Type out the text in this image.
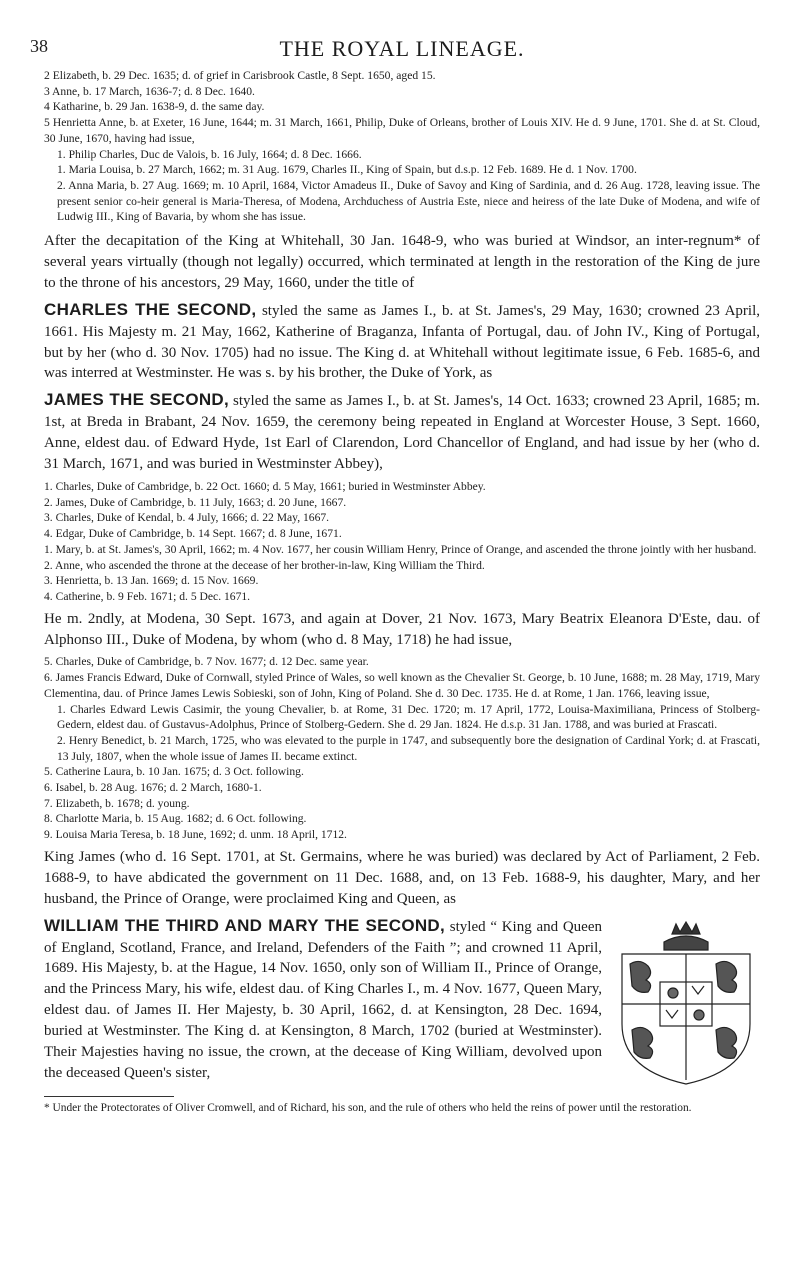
38	THE ROYAL LINEAGE.

2 Elizabeth, b. 29 Dec. 1635; d. of grief in Carisbrook Castle, 8 Sept. 1650, aged 15.

3 Anne, b. 17 March, 1636-7; d. 8 Dec. 1640.

4 Katharine, b. 29 Jan. 1638-9, d. the same day.

5 Henrietta Anne, b. at Exeter, 16 June, 1644; m. 31 March, 1661, Philip, Duke of Orleans, brother of Louis XIV. He d. 9 June, 1701. She d. at St. Cloud, 30 June, 1670, having had issue,

1. Philip Charles, Duc de Valois, b. 16 July, 1664; d. 8 Dec. 1666.

1. Maria Louisa, b. 27 March, 1662; m. 31 Aug. 1679, Charles II., King of Spain, but d.s.p. 12 Feb. 1689. He d. 1 Nov. 1700.

2. Anna Maria, b. 27 Aug. 1669; m. 10 April, 1684, Victor Amadeus II., Duke of Savoy and King of Sardinia, and d. 26 Aug. 1728, leaving issue. The present senior co-heir general is Maria-Theresa, of Modena, Archduchess of Austria Este, niece and heiress of the late Duke of Modena, and wife of Ludwig III., King of Bavaria, by whom she has issue.

After the decapitation of the King at Whitehall, 30 Jan. 1648-9, who was buried at Windsor, an inter-regnum* of several years virtually (though not legally) occurred, which terminated at length in the restoration of the King de jure to the throne of his ancestors, 29 May, 1660, under the title of

CHARLES THE SECOND, styled the same as James I., b. at St. James's, 29 May, 1630; crowned 23 April, 1661. His Majesty m. 21 May, 1662, Katherine of Braganza, Infanta of Portugal, dau. of John IV., King of Portugal, but by her (who d. 30 Nov. 1705) had no issue. The King d. at Whitehall without legitimate issue, 6 Feb. 1685-6, and was interred at Westminster. He was s. by his brother, the Duke of York, as

JAMES THE SECOND, styled the same as James I., b. at St. James's, 14 Oct. 1633; crowned 23 April, 1685; m. 1st, at Breda in Brabant, 24 Nov. 1659, the ceremony being repeated in England at Worcester House, 3 Sept. 1660, Anne, eldest dau. of Edward Hyde, 1st Earl of Clarendon, Lord Chancellor of England, and had issue by her (who d. 31 March, 1671, and was buried in Westminster Abbey),

1. Charles, Duke of Cambridge, b. 22 Oct. 1660; d. 5 May, 1661; buried in Westminster Abbey.

2. James, Duke of Cambridge, b. 11 July, 1663; d. 20 June, 1667.

3. Charles, Duke of Kendal, b. 4 July, 1666; d. 22 May, 1667.

4. Edgar, Duke of Cambridge, b. 14 Sept. 1667; d. 8 June, 1671.

1. Mary, b. at St. James's, 30 April, 1662; m. 4 Nov. 1677, her cousin William Henry, Prince of Orange, and ascended the throne jointly with her husband.

2. Anne, who ascended the throne at the decease of her brother-in-law, King William the Third.

3. Henrietta, b. 13 Jan. 1669; d. 15 Nov. 1669.

4. Catherine, b. 9 Feb. 1671; d. 5 Dec. 1671.

He m. 2ndly, at Modena, 30 Sept. 1673, and again at Dover, 21 Nov. 1673, Mary Beatrix Eleanora D'Este, dau. of Alphonso III., Duke of Modena, by whom (who d. 8 May, 1718) he had issue,

5. Charles, Duke of Cambridge, b. 7 Nov. 1677; d. 12 Dec. same year.

6. James Francis Edward, Duke of Cornwall, styled Prince of Wales, so well known as the Chevalier St. George, b. 10 June, 1688; m. 28 May, 1719, Mary Clementina, dau. of Prince James Lewis Sobieski, son of John, King of Poland. She d. 30 Dec. 1735. He d. at Rome, 1 Jan. 1766, leaving issue,

1. Charles Edward Lewis Casimir, the young Chevalier, b. at Rome, 31 Dec. 1720; m. 17 April, 1772, Louisa-Maximiliana, Princess of Stolberg-Gedern, eldest dau. of Gustavus-Adolphus, Prince of Stolberg-Gedern. She d. 29 Jan. 1824. He d.s.p. 31 Jan. 1788, and was buried at Frascati.

2. Henry Benedict, b. 21 March, 1725, who was elevated to the purple in 1747, and subsequently bore the designation of Cardinal York; d. at Frascati, 13 July, 1807, when the whole issue of James II. became extinct.

5. Catherine Laura, b. 10 Jan. 1675; d. 3 Oct. following.

6. Isabel, b. 28 Aug. 1676; d. 2 March, 1680-1.

7. Elizabeth, b. 1678; d. young.

8. Charlotte Maria, b. 15 Aug. 1682; d. 6 Oct. following.

9. Louisa Maria Teresa, b. 18 June, 1692; d. unm. 18 April, 1712.

King James (who d. 16 Sept. 1701, at St. Germains, where he was buried) was declared by Act of Parliament, 2 Feb. 1688-9, to have abdicated the government on 11 Dec. 1688, and, on 13 Feb. 1688-9, his daughter, Mary, and her husband, the Prince of Orange, were proclaimed King and Queen, as

WILLIAM THE THIRD AND MARY THE SECOND, styled “ King and Queen of England, Scotland, France, and Ireland, Defenders of the Faith ”; and crowned 11 April, 1689. His Majesty, b. at the Hague, 14 Nov. 1650, only son of William II., Prince of Orange, and the Princess Mary, his wife, eldest dau. of King Charles I., m. 4 Nov. 1677, Queen Mary, eldest dau. of James II. Her Majesty, b. 30 April, 1662, d. at Kensington, 28 Dec. 1694, buried at Westminster. The King d. at Kensington, 8 March, 1702 (buried at Westminster). Their Majesties having no issue, the crown, at the decease of King William, devolved upon the deceased Queen's sister,

* Under the Protectorates of Oliver Cromwell, and of Richard, his son, and the rule of others who held the reins of power until the restoration.
